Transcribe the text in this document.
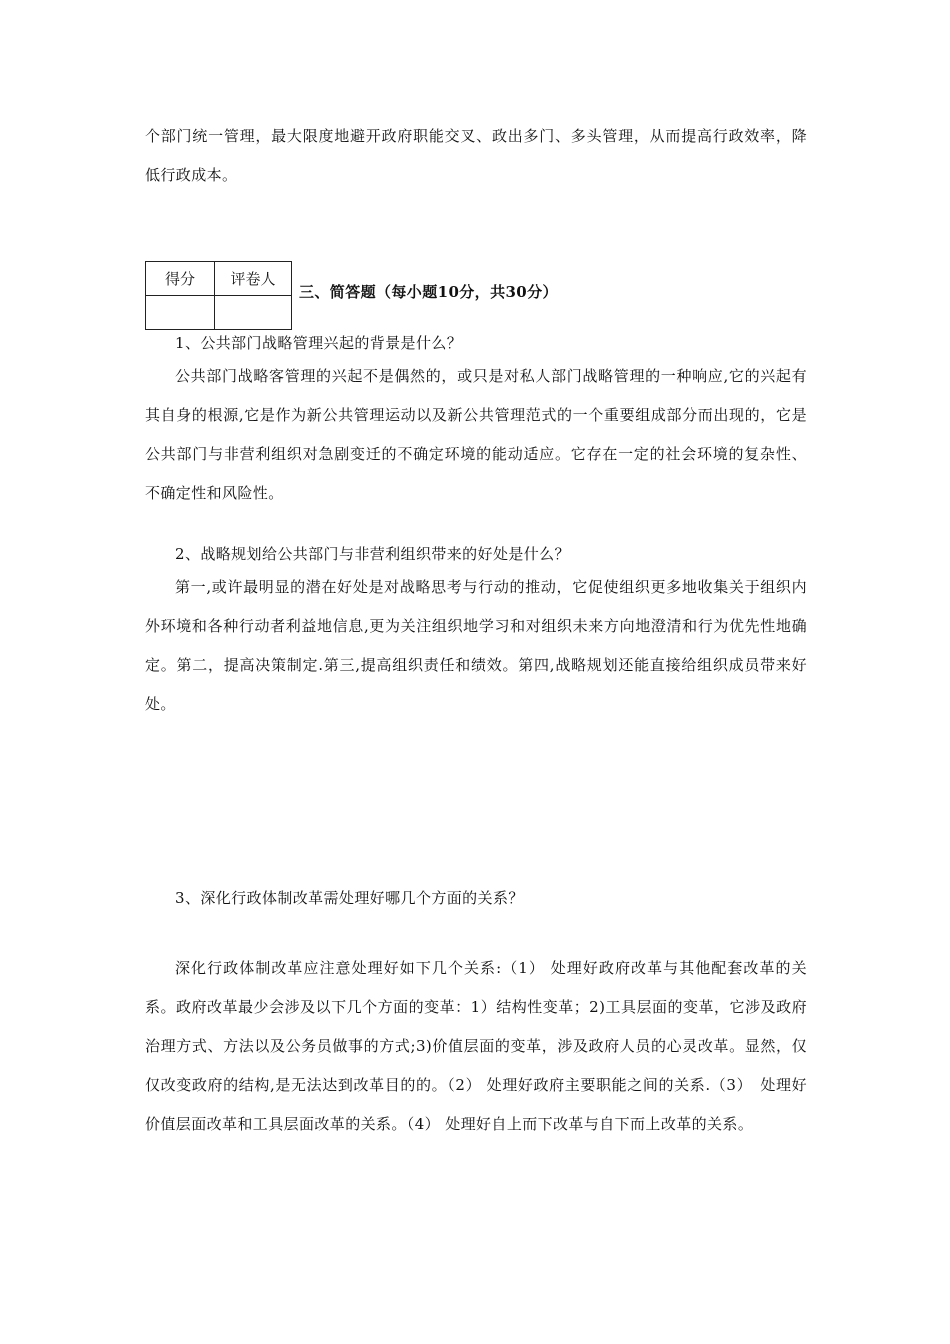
个部门统一管理，最大限度地避开政府职能交叉、政出多门、多头管理，从而提高行政效率，降低行政成本。
得分	评卷人

三、简答题（每小题10分，共30分）
1、公共部门战略管理兴起的背景是什么？
公共部门战略客管理的兴起不是偶然的，或只是对私人部门战略管理的一种响应,它的兴起有其自身的根源,它是作为新公共管理运动以及新公共管理范式的一个重要组成部分而出现的，它是公共部门与非营利组织对急剧变迁的不确定环境的能动适应。它存在一定的社会环境的复杂性、不确定性和风险性。
2、战略规划给公共部门与非营利组织带来的好处是什么？
第一,或许最明显的潜在好处是对战略思考与行动的推动，它促使组织更多地收集关于组织内外环境和各种行动者利益地信息,更为关注组织地学习和对组织未来方向地澄清和行为优先性地确定。第二，提高决策制定.第三,提高组织责任和绩效。第四,战略规划还能直接给组织成员带来好处。
3、深化行政体制改革需处理好哪几个方面的关系？
深化行政体制改革应注意处理好如下几个关系:（1） 处理好政府改革与其他配套改革的关系。政府改革最少会涉及以下几个方面的变革：1）结构性变革；2)工具层面的变革，它涉及政府治理方式、方法以及公务员做事的方式;3)价值层面的变革，涉及政府人员的心灵改革。显然，仅仅改变政府的结构,是无法达到改革目的的。（2） 处理好政府主要职能之间的关系.（3）　处理好价值层面改革和工具层面改革的关系。（4） 处理好自上而下改革与自下而上改革的关系。
